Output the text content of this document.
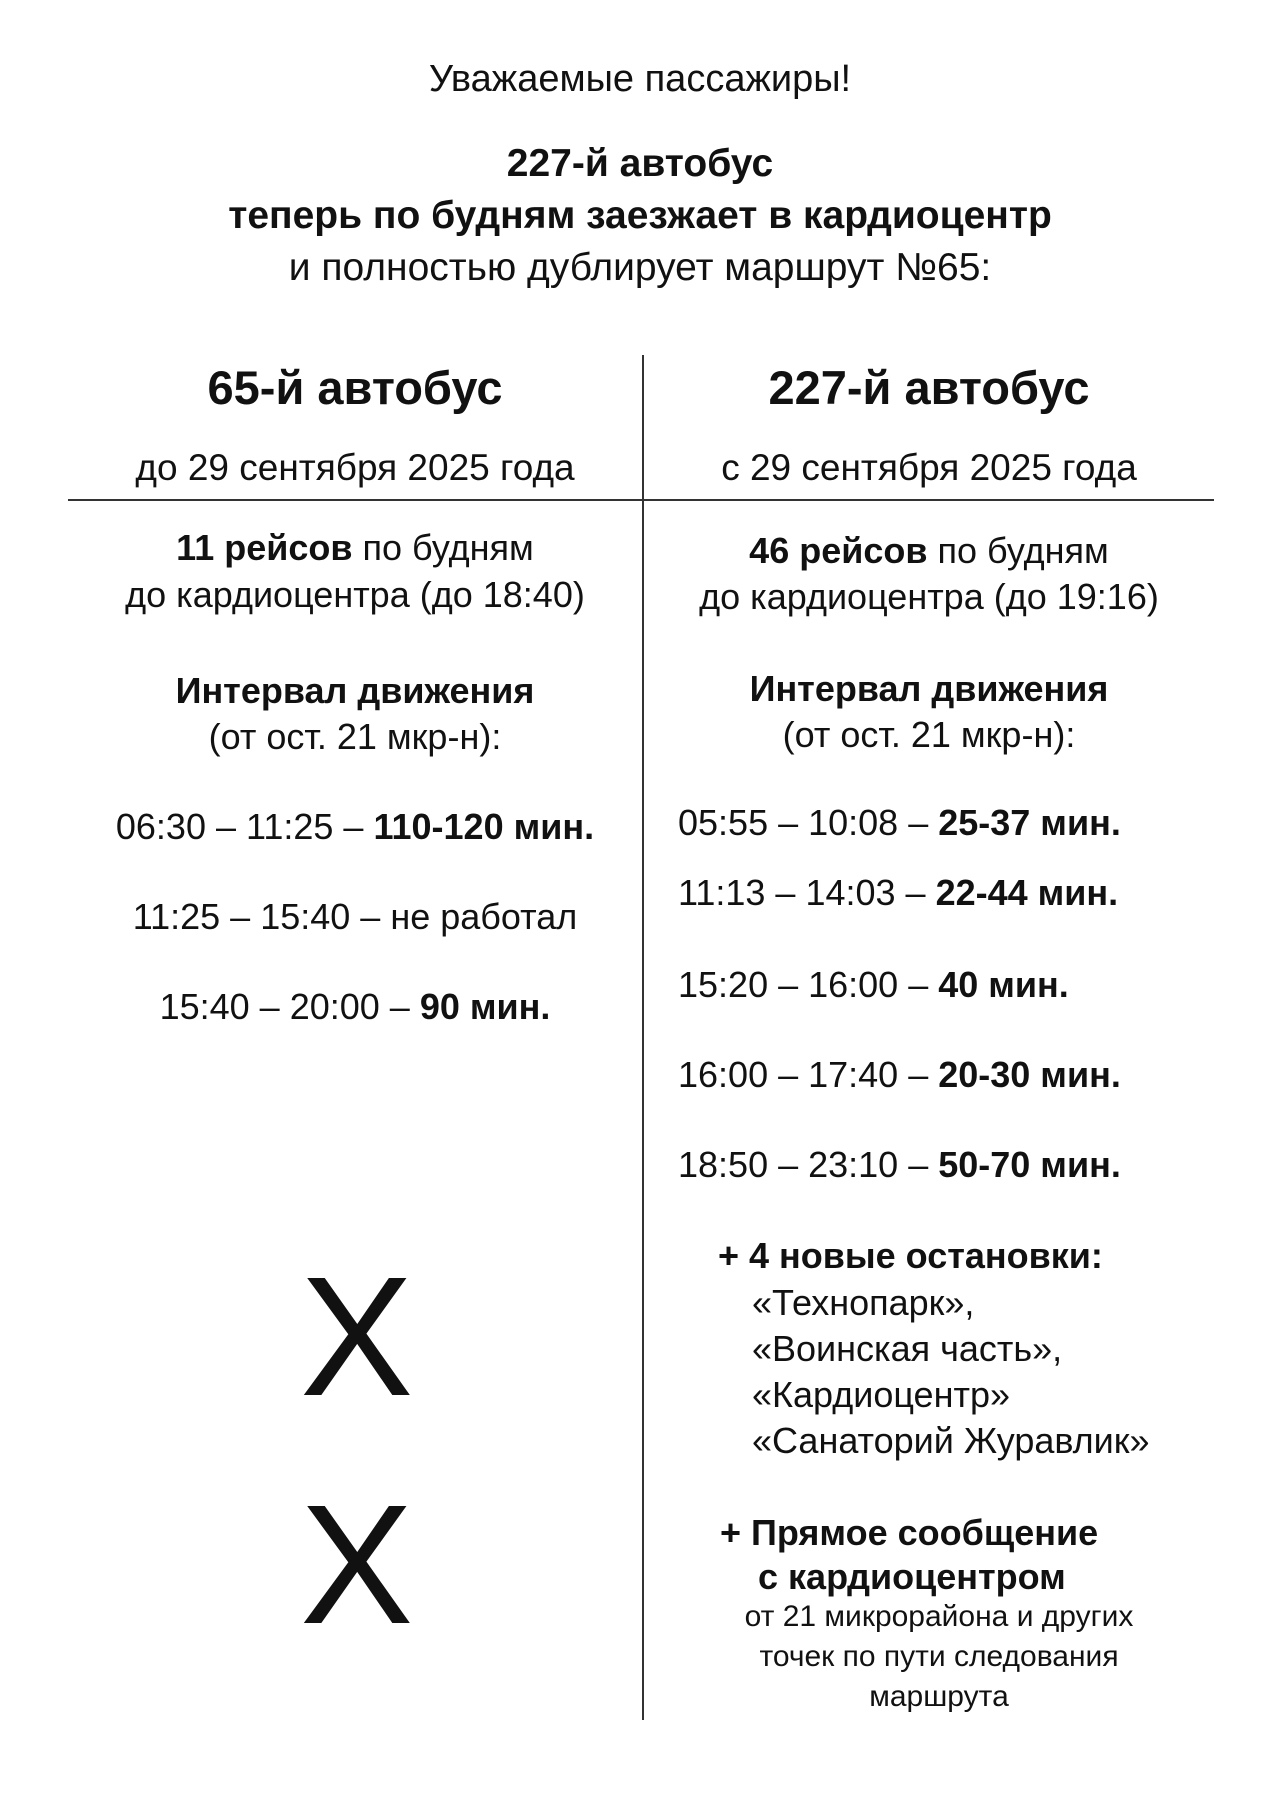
Уважаемые пассажиры!
227-й автобус
теперь по будням заезжает в кардиоцентр
и полностью дублирует маршрут №65:
65-й автобус
до 29 сентября 2025 года
11 рейсов по будням
до кардиоцентра (до 18:40)
Интервал движения
(от ост. 21 мкр-н):
06:30 – 11:25 – 110-120 мин.
11:25 – 15:40 – не работал
15:40 – 20:00 – 90 мин.
X
X
227-й автобус
с 29 сентября 2025 года
46 рейсов по будням
до кардиоцентра (до 19:16)
Интервал движения
(от ост. 21 мкр-н):
05:55 – 10:08 – 25-37 мин.
11:13 – 14:03 – 22-44 мин.
15:20 – 16:00 – 40 мин.
16:00 – 17:40 – 20-30 мин.
18:50 – 23:10 – 50-70 мин.
+ 4 новые остановки:
«Технопарк»,
«Воинская часть»,
«Кардиоцентр»
«Санаторий Журавлик»
+ Прямое сообщение
с кардиоцентром
от 21 микрорайона и других
точек по пути следования
маршрута
